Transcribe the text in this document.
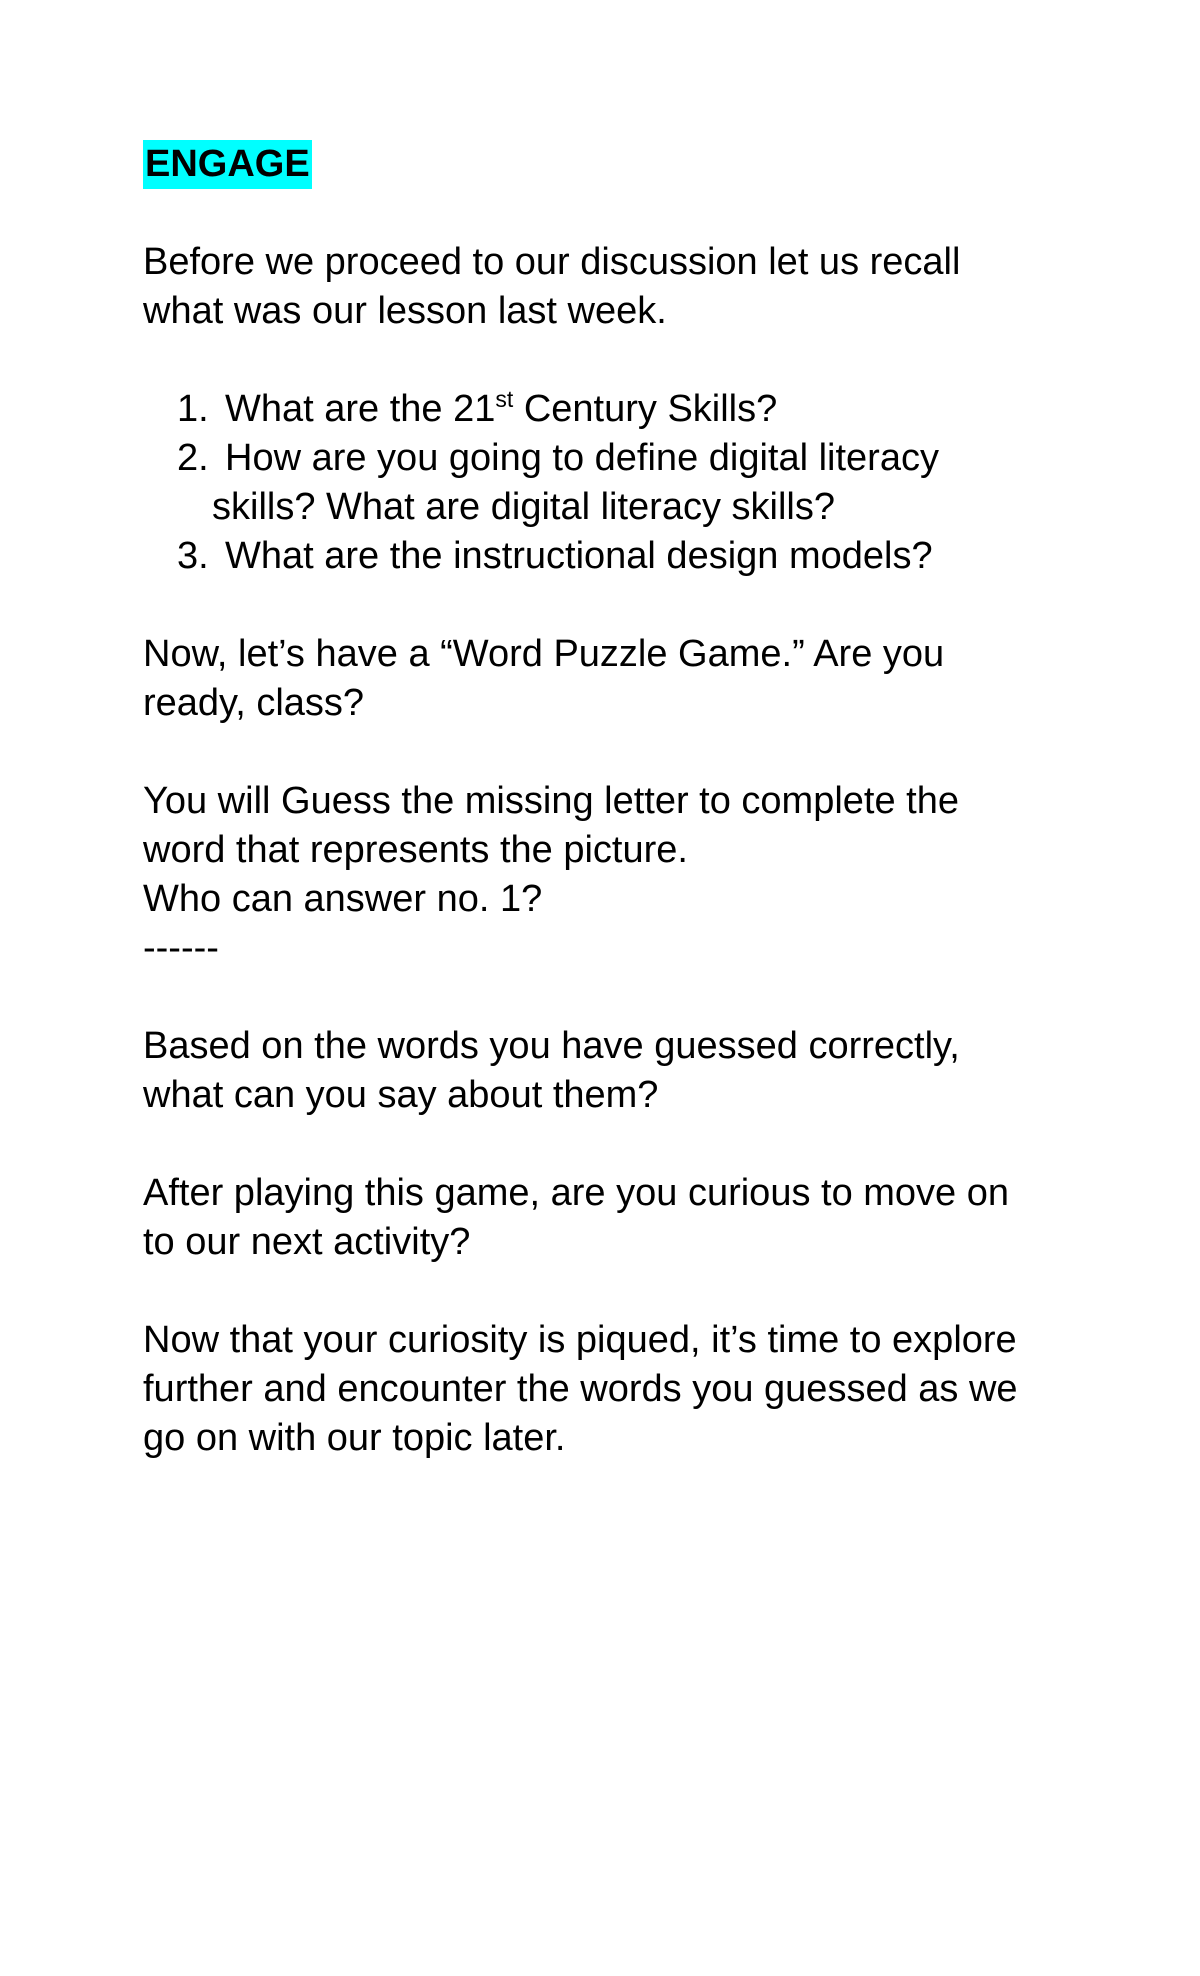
ENGAGE

Before we proceed to our discussion let us recall
what was our lesson last week.

1. What are the 21st Century Skills?
2. How are you going to define digital literacy
skills? What are digital literacy skills?
3. What are the instructional design models?

Now, let’s have a “Word Puzzle Game.” Are you
ready, class?

You will Guess the missing letter to complete the
word that represents the picture.
Who can answer no. 1?
------

Based on the words you have guessed correctly,
what can you say about them?

After playing this game, are you curious to move on
to our next activity?

Now that your curiosity is piqued, it’s time to explore
further and encounter the words you guessed as we
go on with our topic later.
